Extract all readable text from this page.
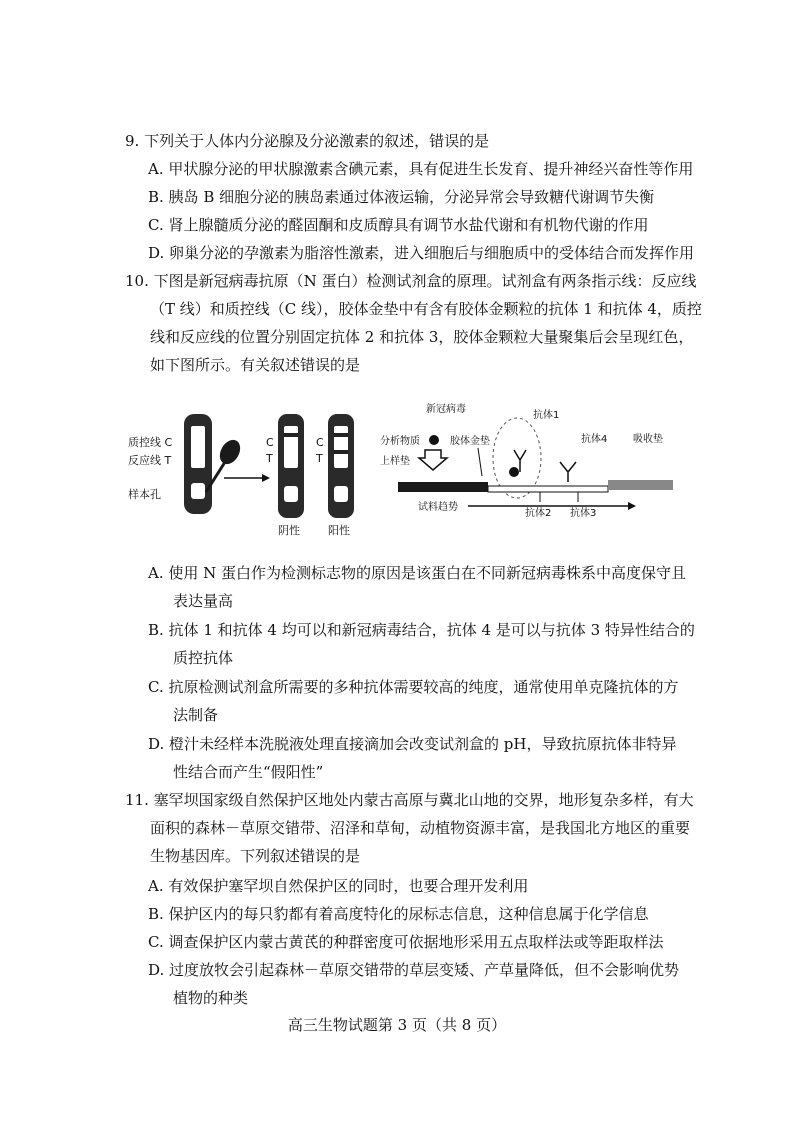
9. 下列关于人体内分泌腺及分泌激素的叙述，错误的是
A. 甲状腺分泌的甲状腺激素含碘元素，具有促进生长发育、提升神经兴奋性等作用
B. 胰岛 B 细胞分泌的胰岛素通过体液运输，分泌异常会导致糖代谢调节失衡
C. 肾上腺髓质分泌的醛固酮和皮质醇具有调节水盐代谢和有机物代谢的作用
D. 卵巢分泌的孕激素为脂溶性激素，进入细胞后与细胞质中的受体结合而发挥作用
10. 下图是新冠病毒抗原（N 蛋白）检测试剂盒的原理。试剂盒有两条指示线：反应线
（T 线）和质控线（C 线），胶体金垫中有含有胶体金颗粒的抗体 1 和抗体 4，质控
线和反应线的位置分别固定抗体 2 和抗体 3，胶体金颗粒大量聚集后会呈现红色，
如下图所示。有关叙述错误的是
质控线 C
反应线 T
样本孔
C
T
阴性
C
T
阳性
新冠病毒
分析物质
上样垫
胶体金垫
抗体1
抗体4	吸收垫
试料趋势
抗体2 抗体3
A. 使用 N 蛋白作为检测标志物的原因是该蛋白在不同新冠病毒株系中高度保守且
表达量高
B. 抗体 1 和抗体 4 均可以和新冠病毒结合，抗体 4 是可以与抗体 3 特异性结合的
质控抗体
C. 抗原检测试剂盒所需要的多种抗体需要较高的纯度，通常使用单克隆抗体的方
法制备
D. 橙汁未经样本洗脱液处理直接滴加会改变试剂盒的 pH，导致抗原抗体非特异
性结合而产生“假阳性”
11. 塞罕坝国家级自然保护区地处内蒙古高原与冀北山地的交界，地形复杂多样，有大
面积的森林－草原交错带、沼泽和草甸，动植物资源丰富，是我国北方地区的重要
生物基因库。下列叙述错误的是
A. 有效保护塞罕坝自然保护区的同时，也要合理开发利用
B. 保护区内的每只豹都有着高度特化的尿标志信息，这种信息属于化学信息
C. 调查保护区内蒙古黄芪的种群密度可依据地形采用五点取样法或等距取样法
D. 过度放牧会引起森林－草原交错带的草层变矮、产草量降低，但不会影响优势
植物的种类
高三生物试题第 3 页（共 8 页）
